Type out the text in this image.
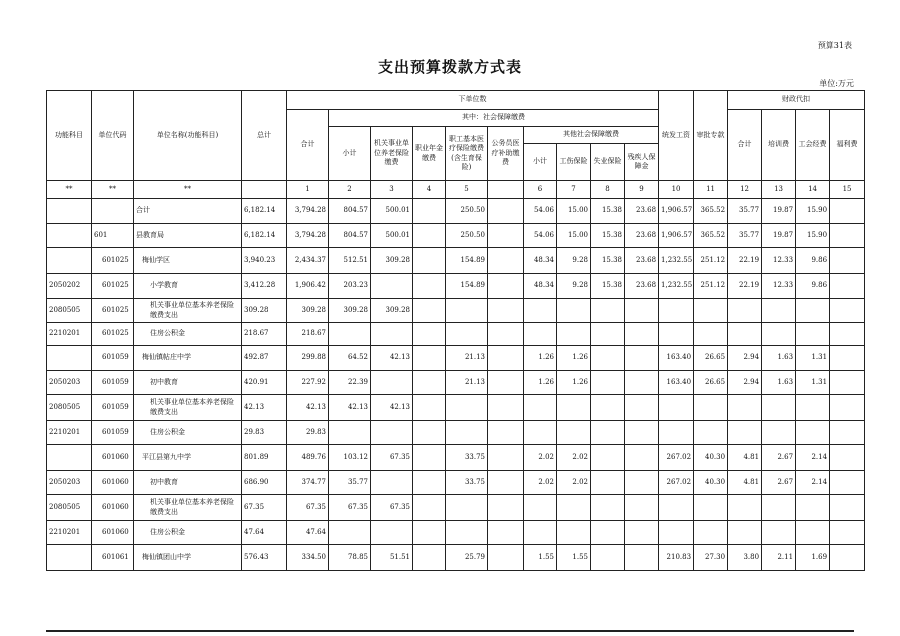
预算31表
支出预算拨款方式表
单位:万元
功能科目	单位代码	单位名称(功能科目)	总计	下单位数										统发工资	审批专款	财政代扣			
				合计	其中：社会保障缴费											合计	培训费	工会经费	福利费
					小计	机关事业单位养老保险缴费	职业年金缴费	职工基本医疗保险缴费(含生育保险)	公务员医疗补助缴费	其他社会保障缴费									
										小计	工伤保险	失业保险	残疾人保障金						
**	**	**		1	2	3	4	5		6	7	8	9	10	11	12	13	14	15
		合计	6,182.14	3,794.28	804.57	500.01		250.50		54.06	15.00	15.38	23.68	1,906.57	365.52	35.77	19.87	15.90	
	601	县教育局	6,182.14	3,794.28	804.57	500.01		250.50		54.06	15.00	15.38	23.68	1,906.57	365.52	35.77	19.87	15.90	
	601025	梅仙学区	3,940.23	2,434.37	512.51	309.28		154.89		48.34	9.28	15.38	23.68	1,232.55	251.12	22.19	12.33	9.86	
2050202	601025	小学教育	3,412.28	1,906.42	203.23			154.89		48.34	9.28	15.38	23.68	1,232.55	251.12	22.19	12.33	9.86	
2080505	601025	机关事业单位基本养老保险缴费支出	309.28	309.28	309.28	309.28													
2210201	601025	住房公积金	218.67	218.67															
	601059	梅仙镇帖庄中学	492.87	299.88	64.52	42.13		21.13		1.26	1.26			163.40	26.65	2.94	1.63	1.31	
2050203	601059	初中教育	420.91	227.92	22.39			21.13		1.26	1.26			163.40	26.65	2.94	1.63	1.31	
2080505	601059	机关事业单位基本养老保险缴费支出	42.13	42.13	42.13	42.13													
2210201	601059	住房公积金	29.83	29.83															
	601060	平江县第九中学	801.89	489.76	103.12	67.35		33.75		2.02	2.02			267.02	40.30	4.81	2.67	2.14	
2050203	601060	初中教育	686.90	374.77	35.77			33.75		2.02	2.02			267.02	40.30	4.81	2.67	2.14	
2080505	601060	机关事业单位基本养老保险缴费支出	67.35	67.35	67.35	67.35													
2210201	601060	住房公积金	47.64	47.64															
	601061	梅仙镇团山中学	576.43	334.50	78.85	51.51		25.79		1.55	1.55			210.83	27.30	3.80	2.11	1.69	
